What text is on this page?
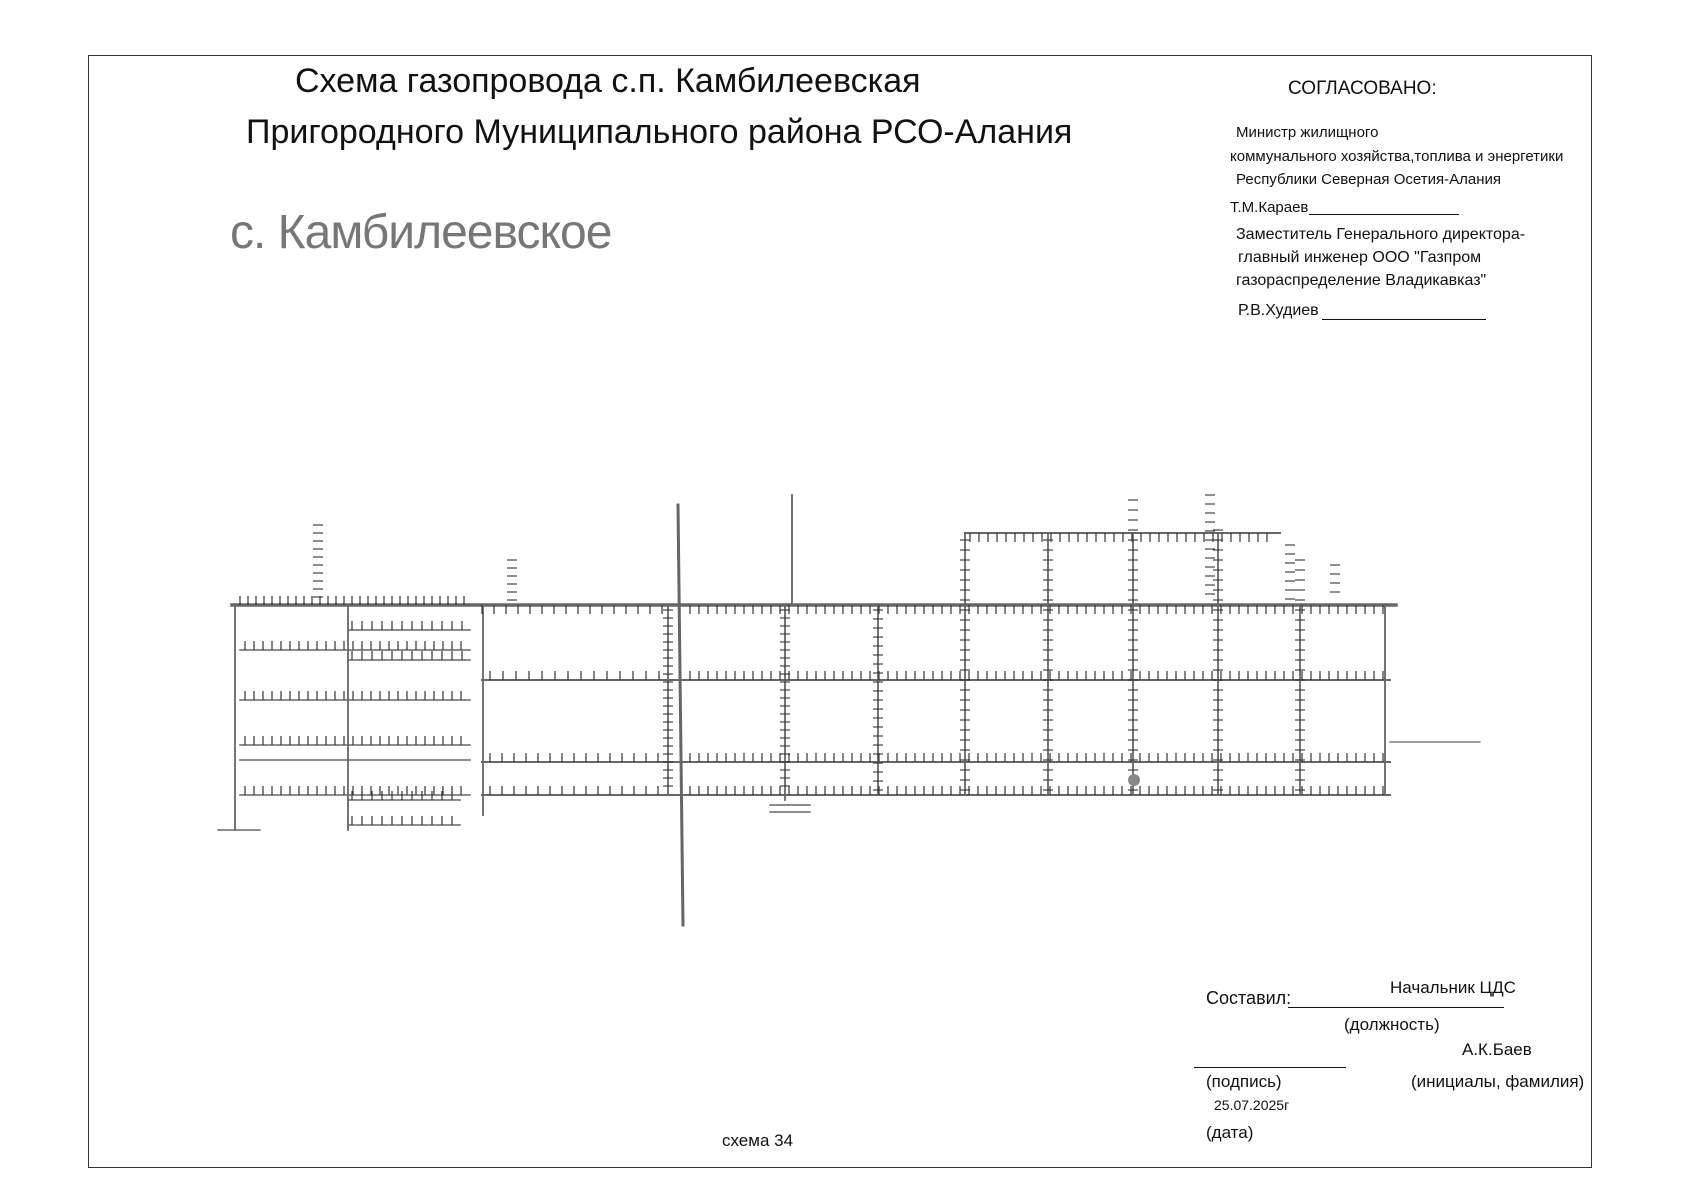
Схема газопровода с.п. Камбилеевская
Пригородного Муниципального района РСО-Алания
с. Камбилеевское
СОГЛАСОВАНО:
Министр жилищного
коммунального хозяйства,топлива и энергетики
Республики Северная Осетия-Алания
Т.М.Караев
Заместитель Генерального директора-
главный инженер ООО "Газпром
газораспределение Владикавказ"
Р.В.Худиев
Составил:
Начальник ЦДС
(должность)
А.К.Баев
(подпись)	(инициалы, фамилия)
25.07.2025г
(дата)
схема 34
